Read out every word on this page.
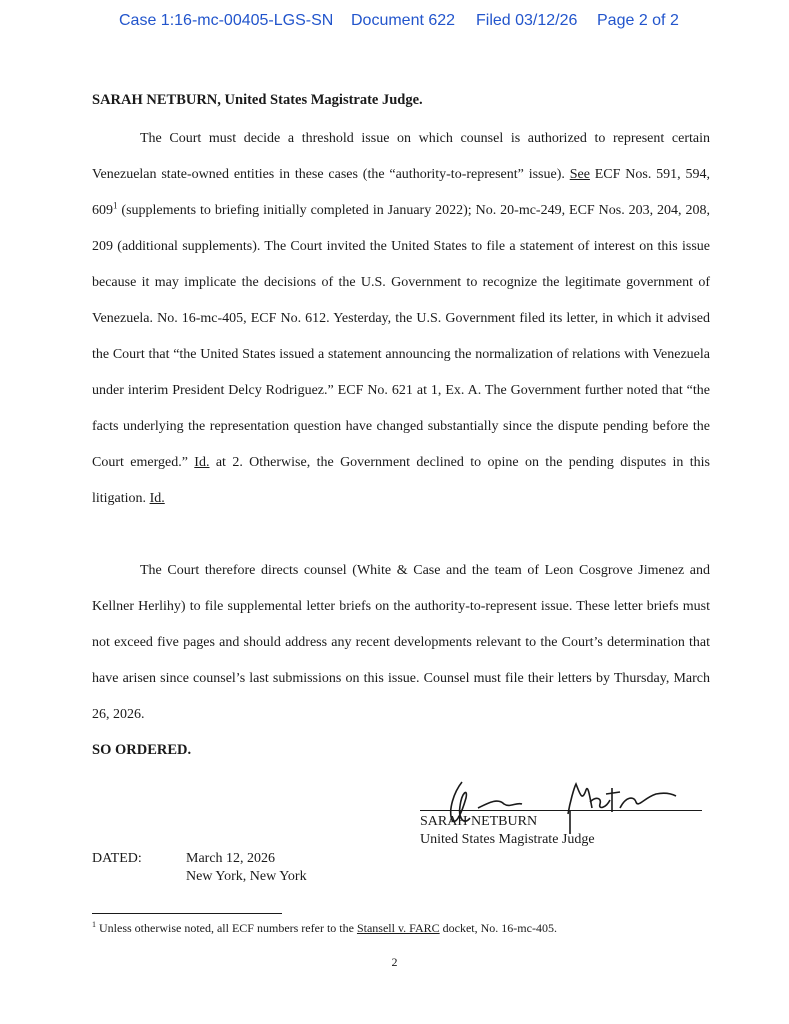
Case 1:16-mc-00405-LGS-SN Document 622 Filed 03/12/26 Page 2 of 2
SARAH NETBURN, United States Magistrate Judge.

The Court must decide a threshold issue on which counsel is authorized to represent certain Venezuelan state-owned entities in these cases (the “authority-to-represent” issue). See ECF Nos. 591, 594, $609^1$ (supplements to briefing initially completed in January 2022); No. 20-mc-249, ECF Nos. 203, 204, 208, 209 (additional supplements). The Court invited the United States to file a statement of interest on this issue because it may implicate the decisions of the U.S. Government to recognize the legitimate government of Venezuela. No. 16-mc-405, ECF No. 612. Yesterday, the U.S. Government filed its letter, in which it advised the Court that “the United States issued a statement announcing the normalization of relations with Venezuela under interim President Delcy Rodriguez.” ECF No. 621 at 1, Ex. A. The Government further noted that “the facts underlying the representation question have changed substantially since the dispute pending before the Court emerged.” Id. at 2. Otherwise, the Government declined to opine on the pending disputes in this litigation. Id.

The Court therefore directs counsel (White & Case and the team of Leon Cosgrove Jimenez and Kellner Herlihy) to file supplemental letter briefs on the authority-to-represent issue. These letter briefs must not exceed five pages and should address any recent developments relevant to the Court’s determination that have arisen since counsel’s last submissions on this issue. Counsel must file their letters by Thursday, March 26, 2026.

SO ORDERED.
SARAH NETBURN
United States Magistrate Judge
DATED:	March 12, 2026
New York, New York
$^1$ Unless otherwise noted, all ECF numbers refer to the Stansell v. FARC docket, No. 16-mc-405.
2
